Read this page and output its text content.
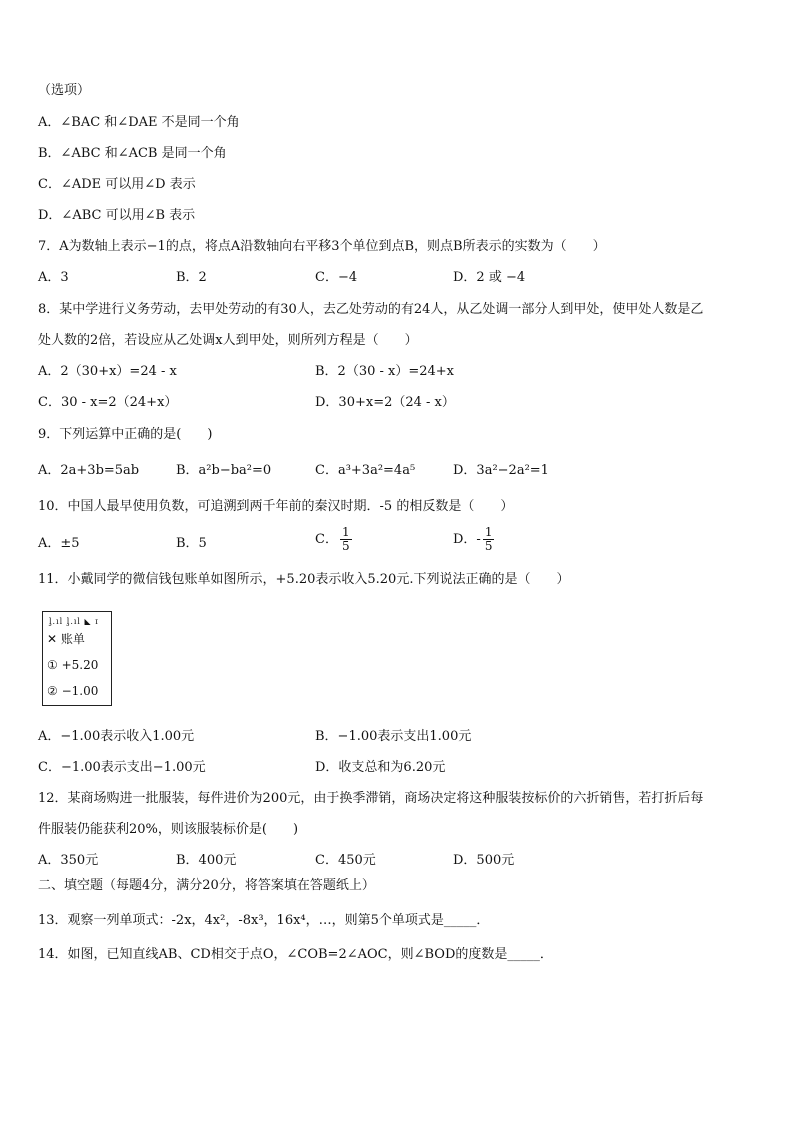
（选项）
A．∠BAC 和∠DAE 不是同一个角
B．∠ABC 和∠ACB 是同一个角
C．∠ADE 可以用∠D 表示
D．∠ABC 可以用∠B 表示
7．A为数轴上表示−1的点，将点A沿数轴向右平移3个单位到点B，则点B所表示的实数为（　　）
A．3	B．2	C．−4	D．2 或 −4
8．某中学进行义务劳动，去甲处劳动的有30人，去乙处劳动的有24人，从乙处调一部分人到甲处，使甲处人数是乙
处人数的2倍，若设应从乙处调x人到甲处，则所列方程是（　　）
A．2（30+x）=24 - x	B．2（30 - x）=24+x
C．30 - x=2（24+x）	D．30+x=2（24 - x）
9．下列运算中正确的是(　　)
A．2a+3b=5ab	B．a²b−ba²=0	C．a³+3a²=4a⁵	D．3a²−2a²=1
10．中国人最早使用负数，可追溯到两千年前的秦汉时期．-5 的相反数是（　　）
A．±5	B．5	C． $\frac{1}{5}$	D．- $\frac{1}{5}$
11．小戴同学的微信钱包账单如图所示，+5.20表示收入5.20元.下列说法正确的是（　　）
ᶅ.ıl ᶅ.ıl ◣ ɪ
✕ 账单
① +5.20
② −1.00
A．−1.00表示收入1.00元	B．−1.00表示支出1.00元
C．−1.00表示支出−1.00元	D．收支总和为6.20元
12．某商场购进一批服装，每件进价为200元，由于换季滞销，商场决定将这种服装按标价的六折销售，若打折后每
件服装仍能获利20%，则该服装标价是(　　)
A．350元	B．400元	C．450元	D．500元
二、填空题（每题4分，满分20分，将答案填在答题纸上）
13．观察一列单项式：-2x，4x²，-8x³，16x⁴，…，则第5个单项式是_____．
14．如图，已知直线AB、CD相交于点O，∠COB=2∠AOC，则∠BOD的度数是_____．
